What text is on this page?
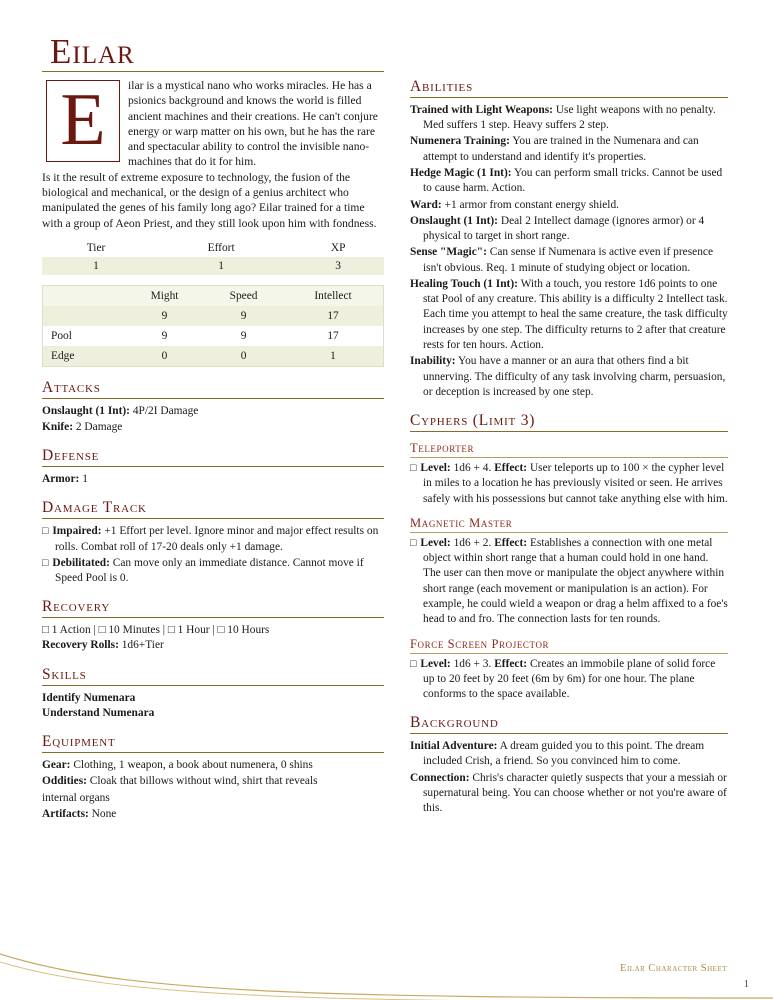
Eilar
E	ilar is a mystical nano who works miracles. He has a psionics background and knows the world is filled ancient machines and their creations. He can't conjure energy or warp matter on his own, but he has the rare and spectacular ability to control the invisible nano-machines that do it for him.

Is it the result of extreme exposure to technology, the fusion of the biological and mechanical, or the design of a genius architect who manipulated the genes of his family long ago? Eilar trained for a time with a group of Aeon Priest, and they still look upon him with fondness.

Tier	Effort	XP
1	1	3
	Might	Speed	Intellect
	9	9	17
Pool	9	9	17
Edge	0	0	1
Attacks

Onslaught (1 Int): 4P/2I Damage

Knife: 2 Damage

Defense

Armor: 1

Damage Track

□ Impaired: +1 Effort per level. Ignore minor and major effect results on rolls. Combat roll of 17-20 deals only +1 damage.

□ Debilitated: Can move only an immediate distance. Cannot move if Speed Pool is 0.

Recovery

□ 1 Action | □ 10 Minutes | □ 1 Hour | □ 10 Hours

Recovery Rolls: 1d6+Tier

Skills

Identify Numenara

Understand Numenara

Equipment

Gear: Clothing, 1 weapon, a book about numenera, 0 shins

Oddities: Cloak that billows without wind, shirt that reveals

internal organs

Artifacts: None

Abilities

Trained with Light Weapons: Use light weapons with no penalty. Med suffers 1 step. Heavy suffers 2 step.

Numenera Training: You are trained in the Numenara and can attempt to understand and identify it's properties.

Hedge Magic (1 Int): You can perform small tricks. Cannot be used to cause harm. Action.

Ward: +1 armor from constant energy shield.

Onslaught (1 Int): Deal 2 Intellect damage (ignores armor) or 4 physical to target in short range.

Sense "Magic": Can sense if Numenara is active even if presence isn't obvious. Req. 1 minute of studying object or location.

Healing Touch (1 Int): With a touch, you restore 1d6 points to one stat Pool of any creature. This ability is a difficulty 2 Intellect task. Each time you attempt to heal the same creature, the task difficulty increases by one step. The difficulty returns to 2 after that creature rests for ten hours. Action.

Inability: You have a manner or an aura that others find a bit unnerving. The difficulty of any task involving charm, persuasion, or deception is increased by one step.

Cyphers (Limit 3)
Teleporter

□ Level: 1d6 + 4. Effect: User teleports up to 100 × the cypher level in miles to a location he has previously visited or seen. He arrives safely with his possessions but cannot take anything else with him.

Magnetic Master

□ Level: 1d6 + 2. Effect: Establishes a connection with one metal object within short range that a human could hold in one hand. The user can then move or manipulate the object anywhere within short range (each movement or manipulation is an action). For example, he could wield a weapon or drag a helm affixed to a foe's head to and fro. The connection lasts for ten rounds.

Force Screen Projector

□ Level: 1d6 + 3. Effect: Creates an immobile plane of solid force up to 20 feet by 20 feet (6m by 6m) for one hour. The plane conforms to the space available.

Background

Initial Adventure: A dream guided you to this point. The dream included Crish, a friend. So you convinced him to come.

Connection: Chris's character quietly suspects that your a messiah or supernatural being. You can choose whether or not you're aware of this.

Eilar Character Sheet
1
